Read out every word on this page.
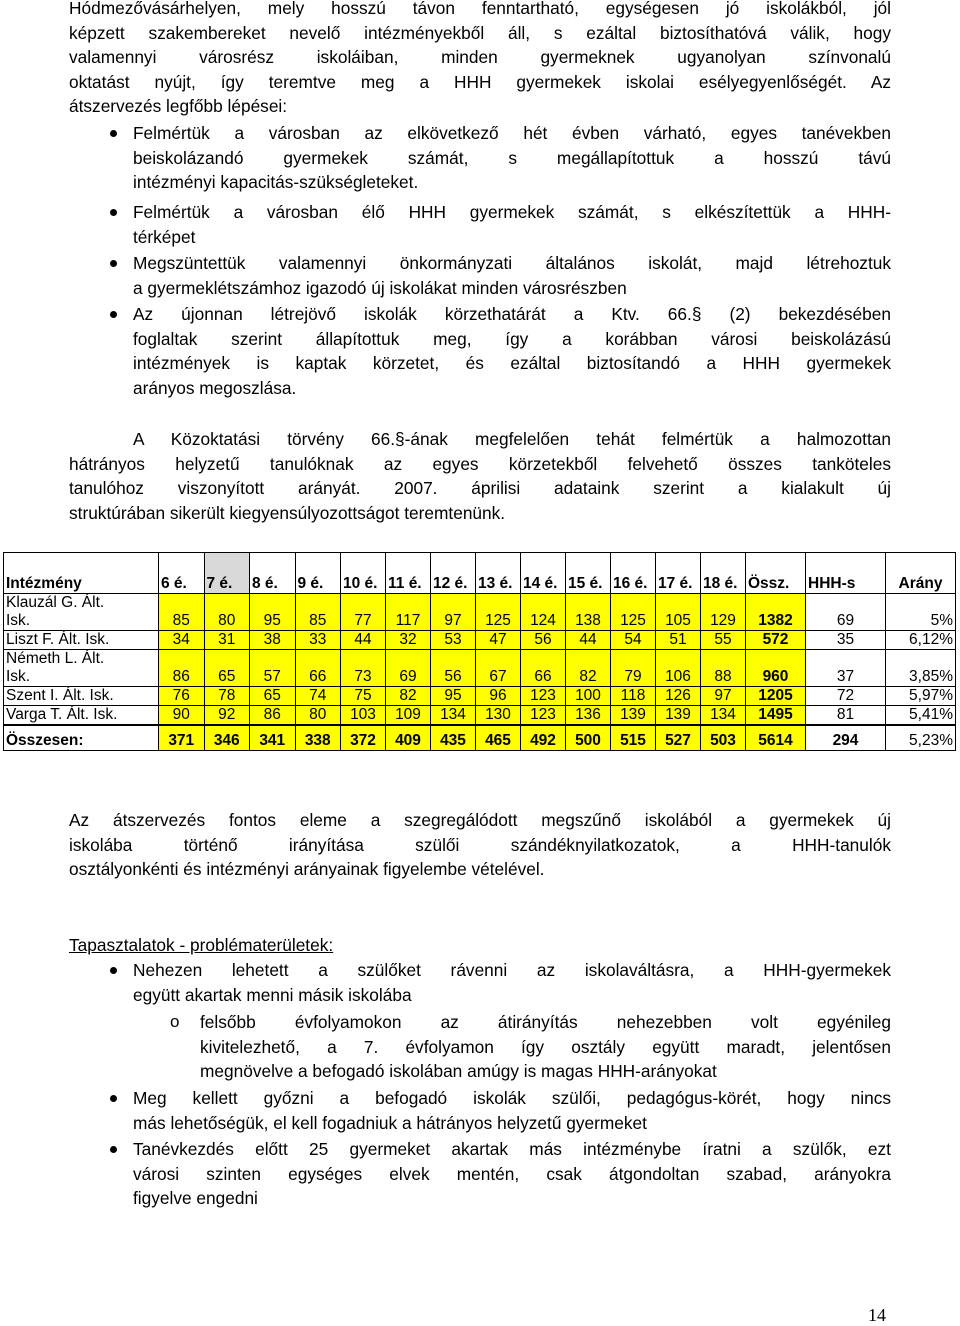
Hódmezővásárhelyen, mely hosszú távon fenntartható, egységesen jó iskolákból, jól
képzett szakembereket nevelő intézményekből áll, s ezáltal biztosíthatóvá válik, hogy
valamennyi városrész iskoláiban, minden gyermeknek ugyanolyan színvonalú
oktatást nyújt, így teremtve meg a HHH gyermekek iskolai esélyegyenlőségét. Az
átszervezés legfőbb lépései:
Felmértük a városban az elkövetkező hét évben várható, egyes tanévekben
beiskolázandó gyermekek számát, s megállapítottuk a hosszú távú
intézményi kapacitás-szükségleteket.
Felmértük a városban élő HHH gyermekek számát, s elkészítettük a HHH-
térképet
Megszüntettük valamennyi önkormányzati általános iskolát, majd létrehoztuk
a gyermeklétszámhoz igazodó új iskolákat minden városrészben
Az újonnan létrejövő iskolák körzethatárát a Ktv. 66.§ (2) bekezdésében
foglaltak szerint állapítottuk meg, így a korábban városi beiskolázású
intézmények is kaptak körzetet, és ezáltal biztosítandó a HHH gyermekek
arányos megoszlása.
A Közoktatási törvény 66.§-ának megfelelően tehát felmértük a halmozottan
hátrányos helyzetű tanulóknak az egyes körzetekből felvehető összes tanköteles
tanulóhoz viszonyított arányát. 2007. áprilisi adataink szerint a kialakult új
struktúrában sikerült kiegyensúlyozottságot teremtenünk.
Intézmény	6 é.	7 é.	8 é.	9 é.	10 é.	11 é.	12 é.	13 é.	14 é.	15 é.	16 é.	17 é.	18 é.	Össz.	HHH-s	Arány

Klauzál G. Ált.
Isk.	85	80	95	85	77	117	97	125	124	138	125	105	129	1382	69	5%
Liszt F. Ált. Isk.	34	31	38	33	44	32	53	47	56	44	54	51	55	572	35	6,12%

Németh L. Ált.
Isk.	86	65	57	66	73	69	56	67	66	82	79	106	88	960	37	3,85%
Szent I. Ált. Isk.	76	78	65	74	75	82	95	96	123	100	118	126	97	1205	72	5,97%
Varga T. Ált. Isk.	90	92	86	80	103	109	134	130	123	136	139	139	134	1495	81	5,41%
Összesen:	371	346	341	338	372	409	435	465	492	500	515	527	503	5614	294	5,23%
Az átszervezés fontos eleme a szegregálódott megszűnő iskolából a gyermekek új
iskolába történő irányítása szülői szándéknyilatkozatok, a HHH-tanulók
osztályonkénti és intézményi arányainak figyelembe vételével.
Tapasztalatok - problématerületek:
Nehezen lehetett a szülőket rávenni az iskolaváltásra, a HHH-gyermekek
együtt akartak menni másik iskolába
o felsőbb évfolyamokon az átirányítás nehezebben volt egyénileg
kivitelezhető, a 7. évfolyamon így osztály együtt maradt, jelentősen
megnövelve a befogadó iskolában amúgy is magas HHH-arányokat
Meg kellett győzni a befogadó iskolák szülői, pedagógus-körét, hogy nincs
más lehetőségük, el kell fogadniuk a hátrányos helyzetű gyermeket
Tanévkezdés előtt 25 gyermeket akartak más intézménybe íratni a szülők, ezt
városi szinten egységes elvek mentén, csak átgondoltan szabad, arányokra
figyelve engedni
14
